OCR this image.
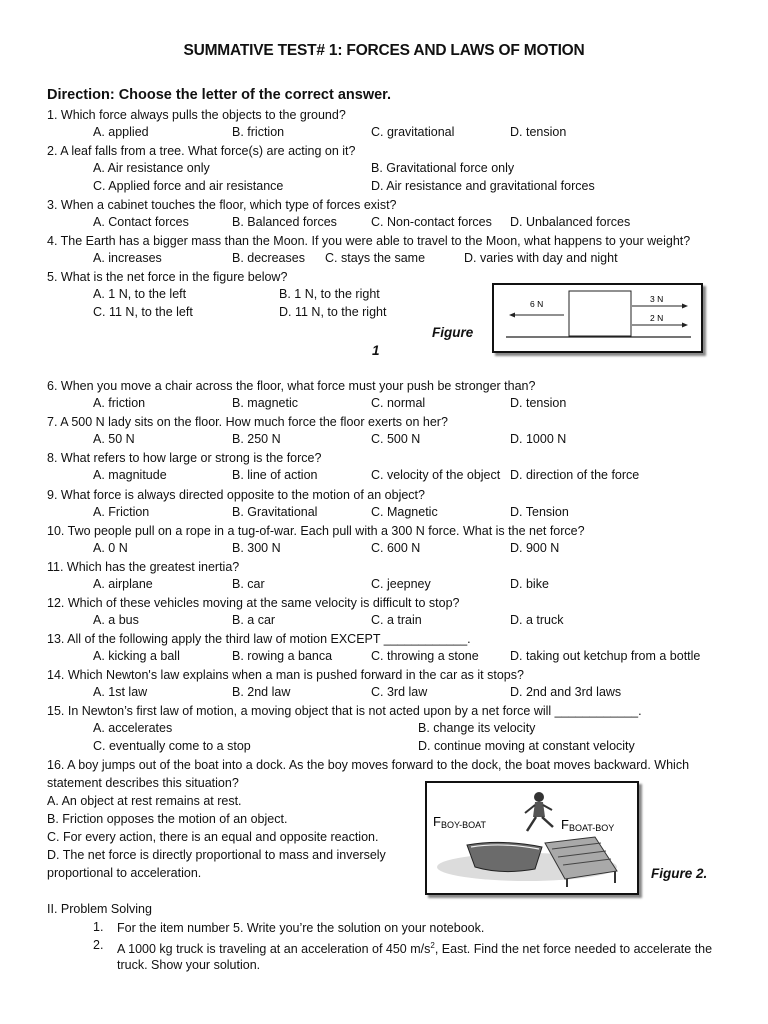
SUMMATIVE TEST# 1: FORCES AND LAWS OF MOTION
Direction: Choose the letter of the correct answer.
1. Which force always pulls the objects to the ground?
A. applied	B. friction	C. gravitational	D. tension
2. A leaf falls from a tree. What force(s) are acting on it?
A. Air resistance only	B. Gravitational force only
C. Applied force and air resistance	D. Air resistance and gravitational forces
3. When a cabinet touches the floor, which type of forces exist?
A. Contact forces	B. Balanced forces	C. Non-contact forces D. Unbalanced forces
4. The Earth has a bigger mass than the Moon. If you were able to travel to the Moon, what happens to your weight?
A. increases	B. decreases C. stays the same	D. varies with day and night
5. What is the net force in the figure below?
A. 1 N, to the left	B. 1 N, to the right
C. 11 N, to the left	D. 11 N, to the right
6. When you move a chair across the floor, what force must your push be stronger than?
A. friction	B. magnetic	C. normal	D. tension
7. A 500 N lady sits on the floor. How much force the floor exerts on her?
A. 50 N	B. 250 N	C. 500 N	D. 1000 N
8. What refers to how large or strong is the force?
A. magnitude	B. line of action	C. velocity of the object D. direction of the force
9. What force is always directed opposite to the motion of an object?
A. Friction	B. Gravitational	C. Magnetic	D. Tension
10. Two people pull on a rope in a tug-of-war. Each pull with a 300 N force. What is the net force?
A. 0 N	B. 300 N	C. 600 N	D. 900 N
11. Which has the greatest inertia?
A. airplane	B. car	C. jeepney	D. bike
12. Which of these vehicles moving at the same velocity is difficult to stop?
A. a bus	B. a car	C. a train	D. a truck
13. All of the following apply the third law of motion EXCEPT ____________.
A. kicking a ball	B. rowing a banca	C. throwing a stone	D. taking out ketchup from a bottle
14. Which Newton's law explains when a man is pushed forward in the car as it stops?
A. 1st law	B. 2nd law	C. 3rd law	D. 2nd and 3rd laws
15. In Newton’s first law of motion, a moving object that is not acted upon by a net force will ____________.
A. accelerates	B. change its velocity
C. eventually come to a stop	D. continue moving at constant velocity
6 N	3 N
2 N
Figure
1
16. A boy jumps out of the boat into a dock. As the boy moves forward to the dock, the boat moves backward. Which
statement describes this situation?
A. An object at rest remains at rest.
B. Friction opposes the motion of an object.
C. For every action, there is an equal and opposite reaction.
D. The net force is directly proportional to mass and inversely
proportional to acceleration.
FBOY-BOAT	FBOAT-BOY
Figure 2.
II. Problem Solving
1. For the item number 5. Write you’re the solution on your notebook.
2. A 1000 kg truck is traveling at an acceleration of 450 $m/s^2$, East. Find the net force needed to accelerate the
truck. Show your solution.
